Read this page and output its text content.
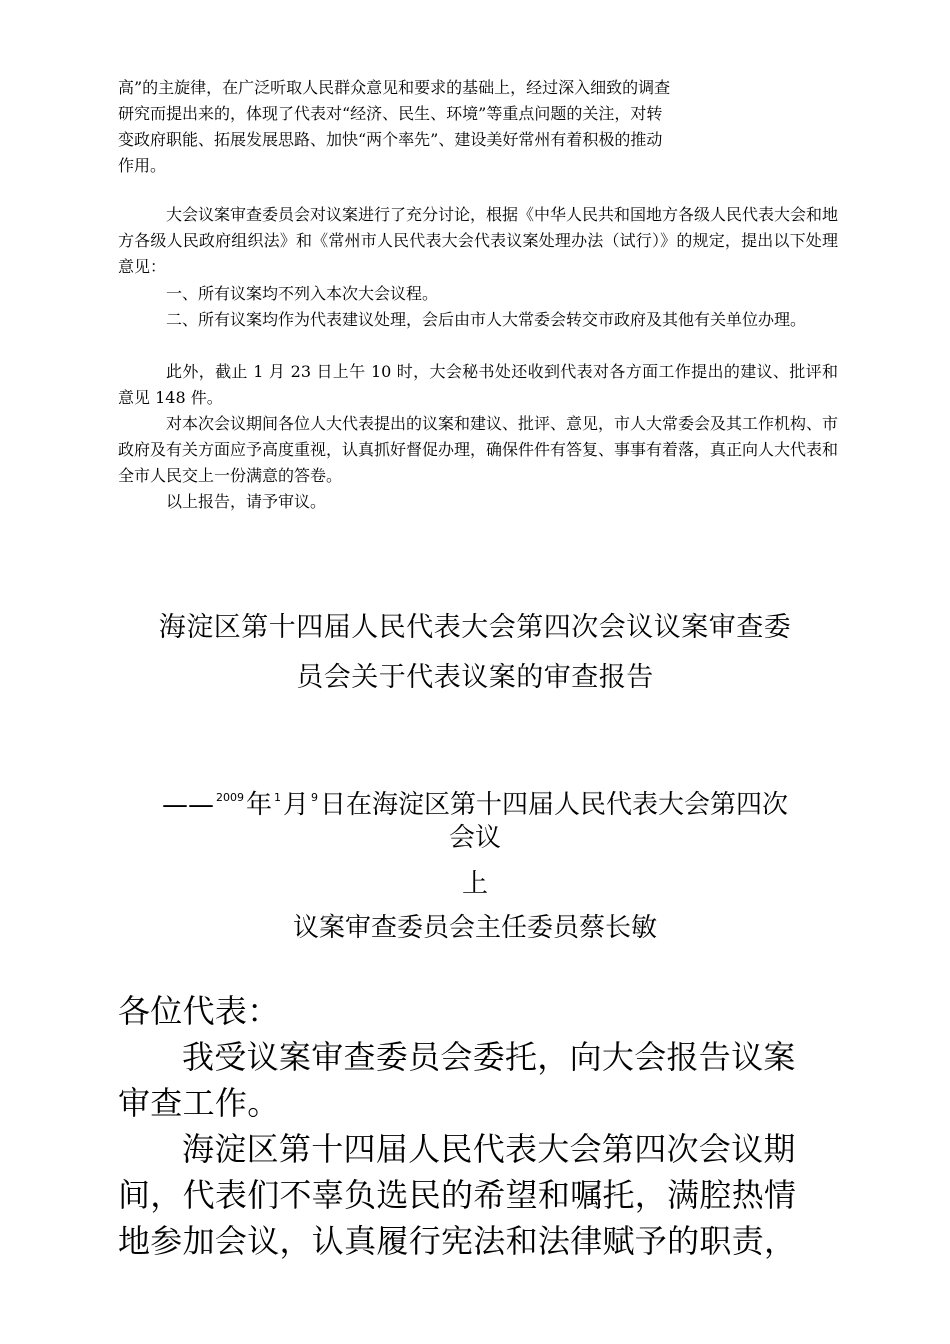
高”的主旋律，在广泛听取人民群众意见和要求的基础上，经过深入细致的调查
研究而提出来的，体现了代表对“经济、民生、环境”等重点问题的关注，对转
变政府职能、拓展发展思路、加快“两个率先”、建设美好常州有着积极的推动
作用。

大会议案审查委员会对议案进行了充分讨论，根据《中华人民共和国地方各级人民代表大会和地方各级人民政府组织法》和《常州市人民代表大会代表议案处理办法（试行）》的规定，提出以下处理意见：

一、所有议案均不列入本次大会议程。

二、所有议案均作为代表建议处理，会后由市人大常委会转交市政府及其他有关单位办理。

此外，截止 1 月 23 日上午 10 时，大会秘书处还收到代表对各方面工作提出的建议、批评和意见 148 件。

对本次会议期间各位人大代表提出的议案和建议、批评、意见，市人大常委会及其工作机构、市政府及有关方面应予高度重视，认真抓好督促办理，确保件件有答复、事事有着落，真正向人大代表和全市人民交上一份满意的答卷。

以上报告，请予审议。

海淀区第十四届人民代表大会第四次会议议案审查委

员会关于代表议案的审查报告

—— $^{2009}$年 $^1$月 $^9$日在海淀区第十四届人民代表大会第四次

会议

上

议案审查委员会主任委员蔡长敏

各位代表：

我受议案审查委员会委托，向大会报告议案

审查工作。

海淀区第十四届人民代表大会第四次会议期

间，代表们不辜负选民的希望和嘱托，满腔热情

地参加会议，认真履行宪法和法律赋予的职责，
